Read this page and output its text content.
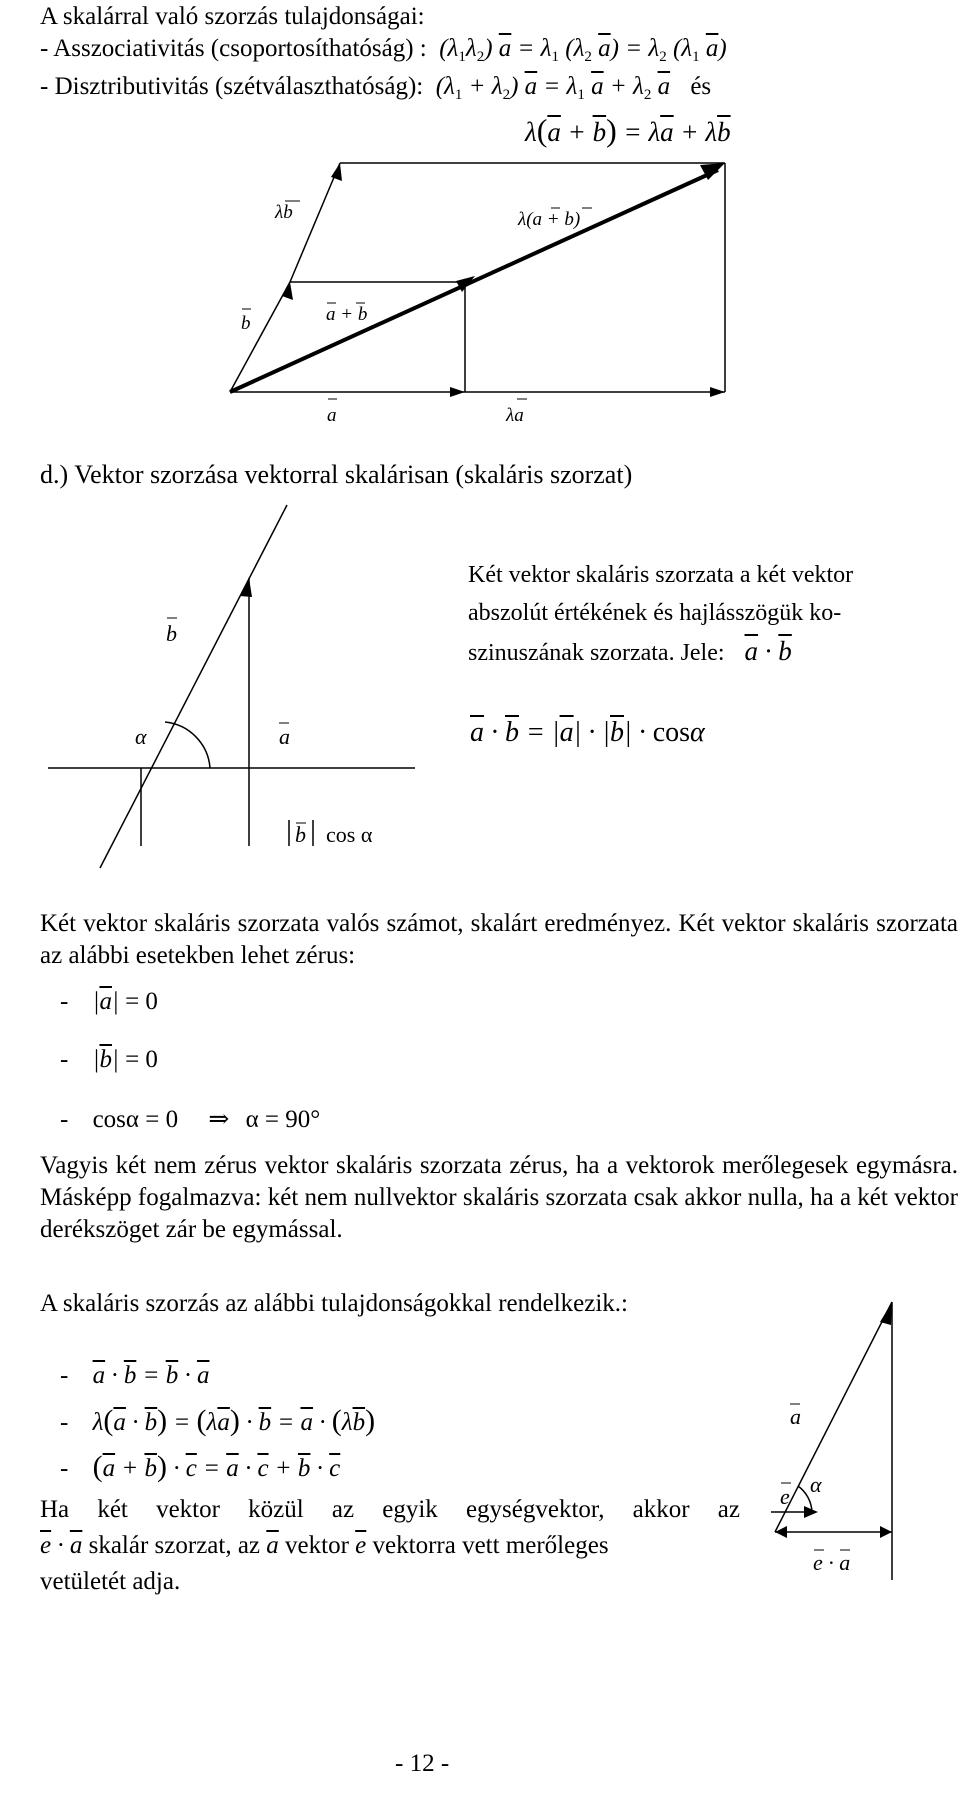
A skalárral való szorzás tulajdonságai:
- Asszociativitás (csoportosíthatóság) :  $(\lambda_1\lambda_2) \overline{a} = \lambda_1$ ($\lambda_2$ $\overline{a}) = \lambda_2$ ($\lambda_1$ $\overline{a}$)
- Disztributivitás (szétválaszthatóság):  $(\lambda_1 + \lambda_2) \overline{a} = \lambda_1$ $\overline{a} + \lambda_2$ $\overline{a}$ és
$\lambda(\overline{a} + \overline{b}) = \lambda\overline{a} + \lambda\overline{b}$
λb	λ(a + b)
b	a + b
a	λa
d.) Vektor szorzása vektorral skalárisan (skaláris szorzat)
b
α	a
b cos α
Két vektor skaláris szorzata a két vektor
abszolút értékének és hajlásszögük ko-
szinuszának szorzata. Jele: $\overline{a} \cdot \overline{b}$
$\overline{a} \cdot \overline{b} = |\overline{a}| \cdot |\overline{b}| \cdot \cos\alpha$
Két vektor skaláris szorzata valós számot, skalárt eredményez. Két vektor skaláris szorzata az alábbi esetekben lehet zérus:
- $|\overline{a}| = 0$
- $|\overline{b}| = 0$
- cosα = 0 ⇒ α = 90°
Vagyis két nem zérus vektor skaláris szorzata zérus, ha a vektorok merőlegesek egymásra. Másképp fogalmazva: két nem nullvektor skaláris szorzata csak akkor nulla, ha a két vektor derékszöget zár be egymással.
A skaláris szorzás az alábbi tulajdonságokkal rendelkezik.:
- $\overline{a} \cdot \overline{b} = \overline{b} \cdot \overline{a}$
- $\lambda(\overline{a} \cdot \overline{b}) = (\lambda\overline{a}) \cdot \overline{b} = \overline{a} \cdot (\lambda\overline{b})$
- $(\overline{a} + \overline{b}) \cdot \overline{c} = \overline{a} \cdot \overline{c} + \overline{b} \cdot \overline{c}$
Ha két vektor közül az egyik egységvektor, akkor az
$\overline{e} \cdot \overline{a}$ skalár szorzat, az $\overline{a}$ vektor $\overline{e}$ vektorra vett merőleges
vetületét adja.
a
e α
e · a
- 12 -
